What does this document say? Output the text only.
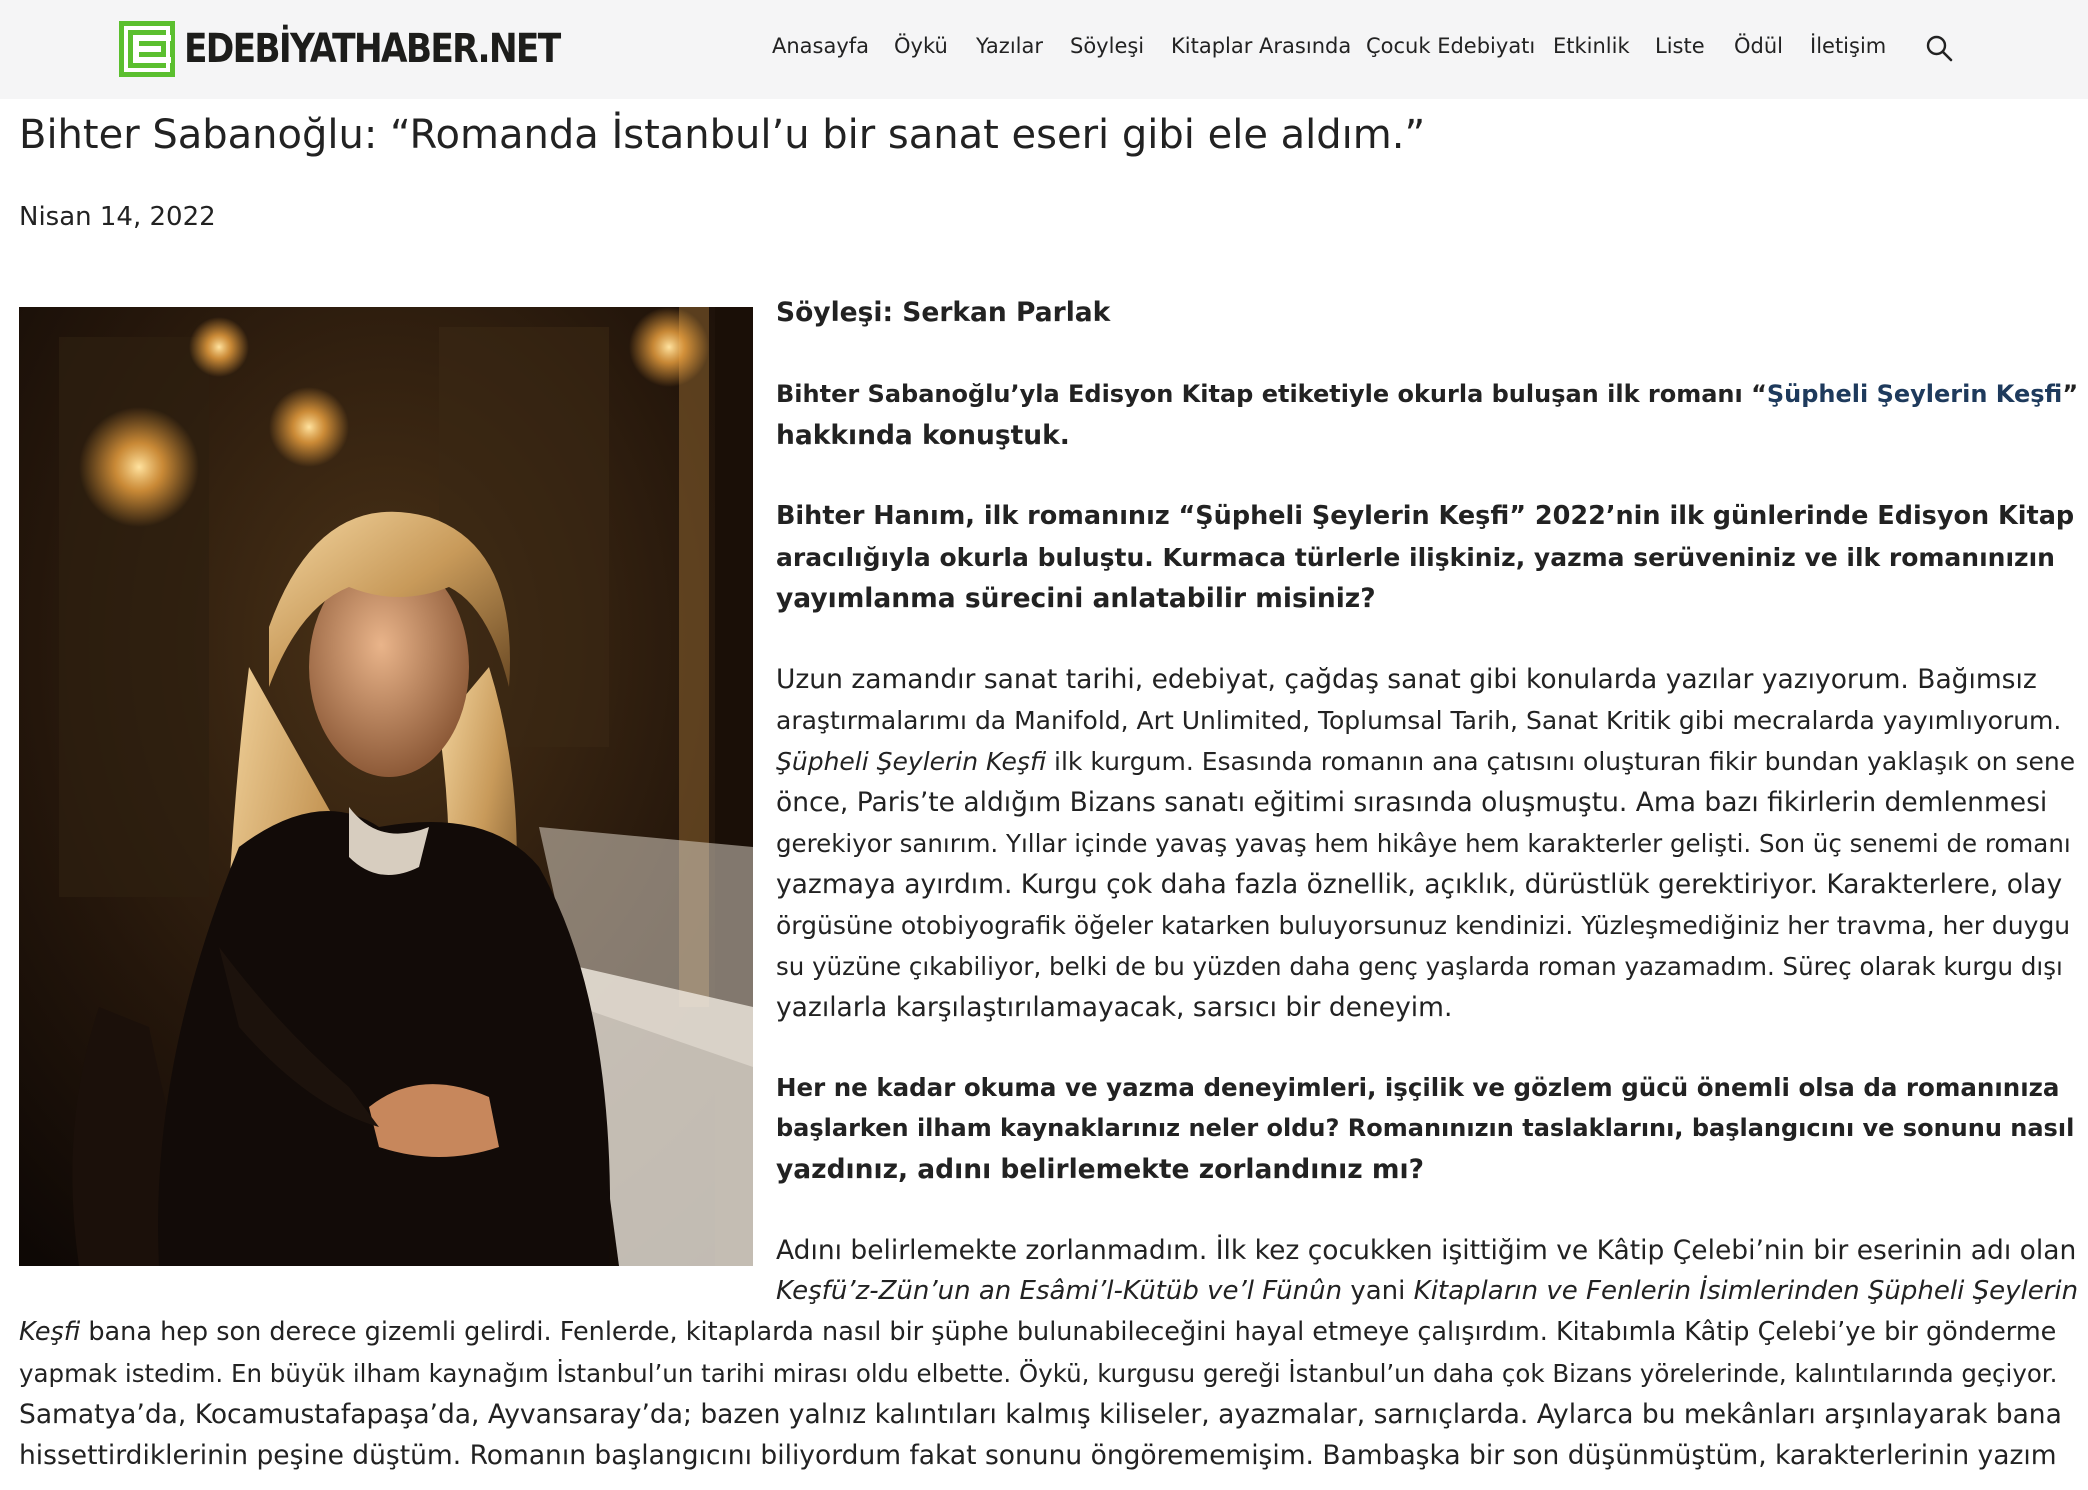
EDEBİYATHABER.NET	Anasayfa Öykü Yazılar Söyleşi Kitaplar Arasında Çocuk Edebiyatı Etkinlik Liste Ödül İletişim
Bihter Sabanoğlu: “Romanda İstanbul’u bir sanat eseri gibi ele aldım.”
Nisan 14, 2022
Söyleşi: Serkan Parlak
Bihter Sabanoğlu’yla Edisyon Kitap etiketiyle okurla buluşan ilk romanı “Şüpheli Şeylerin Keşfi”
hakkında konuştuk.
Bihter Hanım, ilk romanınız “Şüpheli Şeylerin Keşfi” 2022’nin ilk günlerinde Edisyon Kitap
aracılığıyla okurla buluştu. Kurmaca türlerle ilişkiniz, yazma serüveniniz ve ilk romanınızın
yayımlanma sürecini anlatabilir misiniz?
Uzun zamandır sanat tarihi, edebiyat, çağdaş sanat gibi konularda yazılar yazıyorum. Bağımsız
araştırmalarımı da Manifold, Art Unlimited, Toplumsal Tarih, Sanat Kritik gibi mecralarda yayımlıyorum.
Şüpheli Şeylerin Keşfi ilk kurgum. Esasında romanın ana çatısını oluşturan fikir bundan yaklaşık on sene
önce, Paris’te aldığım Bizans sanatı eğitimi sırasında oluşmuştu. Ama bazı fikirlerin demlenmesi
gerekiyor sanırım. Yıllar içinde yavaş yavaş hem hikâye hem karakterler gelişti. Son üç senemi de romanı
yazmaya ayırdım. Kurgu çok daha fazla öznellik, açıklık, dürüstlük gerektiriyor. Karakterlere, olay
örgüsüne otobiyografik öğeler katarken buluyorsunuz kendinizi. Yüzleşmediğiniz her travma, her duygu
su yüzüne çıkabiliyor, belki de bu yüzden daha genç yaşlarda roman yazamadım. Süreç olarak kurgu dışı
yazılarla karşılaştırılamayacak, sarsıcı bir deneyim.
Her ne kadar okuma ve yazma deneyimleri, işçilik ve gözlem gücü önemli olsa da romanınıza
başlarken ilham kaynaklarınız neler oldu? Romanınızın taslaklarını, başlangıcını ve sonunu nasıl
yazdınız, adını belirlemekte zorlandınız mı?
Adını belirlemekte zorlanmadım. İlk kez çocukken işittiğim ve Kâtip Çelebi’nin bir eserinin adı olan
Keşfü’z-Zün’un an Esâmi’l-Kütüb ve’l Fünûn yani Kitapların ve Fenlerin İsimlerinden Şüpheli Şeylerin
Keşfi bana hep son derece gizemli gelirdi. Fenlerde, kitaplarda nasıl bir şüphe bulunabileceğini hayal etmeye çalışırdım. Kitabımla Kâtip Çelebi’ye bir gönderme
yapmak istedim. En büyük ilham kaynağım İstanbul’un tarihi mirası oldu elbette. Öykü, kurgusu gereği İstanbul’un daha çok Bizans yörelerinde, kalıntılarında geçiyor.
Samatya’da, Kocamustafapaşa’da, Ayvansaray’da; bazen yalnız kalıntıları kalmış kiliseler, ayazmalar, sarnıçlarda. Aylarca bu mekânları arşınlayarak bana
hissettirdiklerinin peşine düştüm. Romanın başlangıcını biliyordum fakat sonunu öngörememişim. Bambaşka bir son düşünmüştüm, karakterlerinin yazım
